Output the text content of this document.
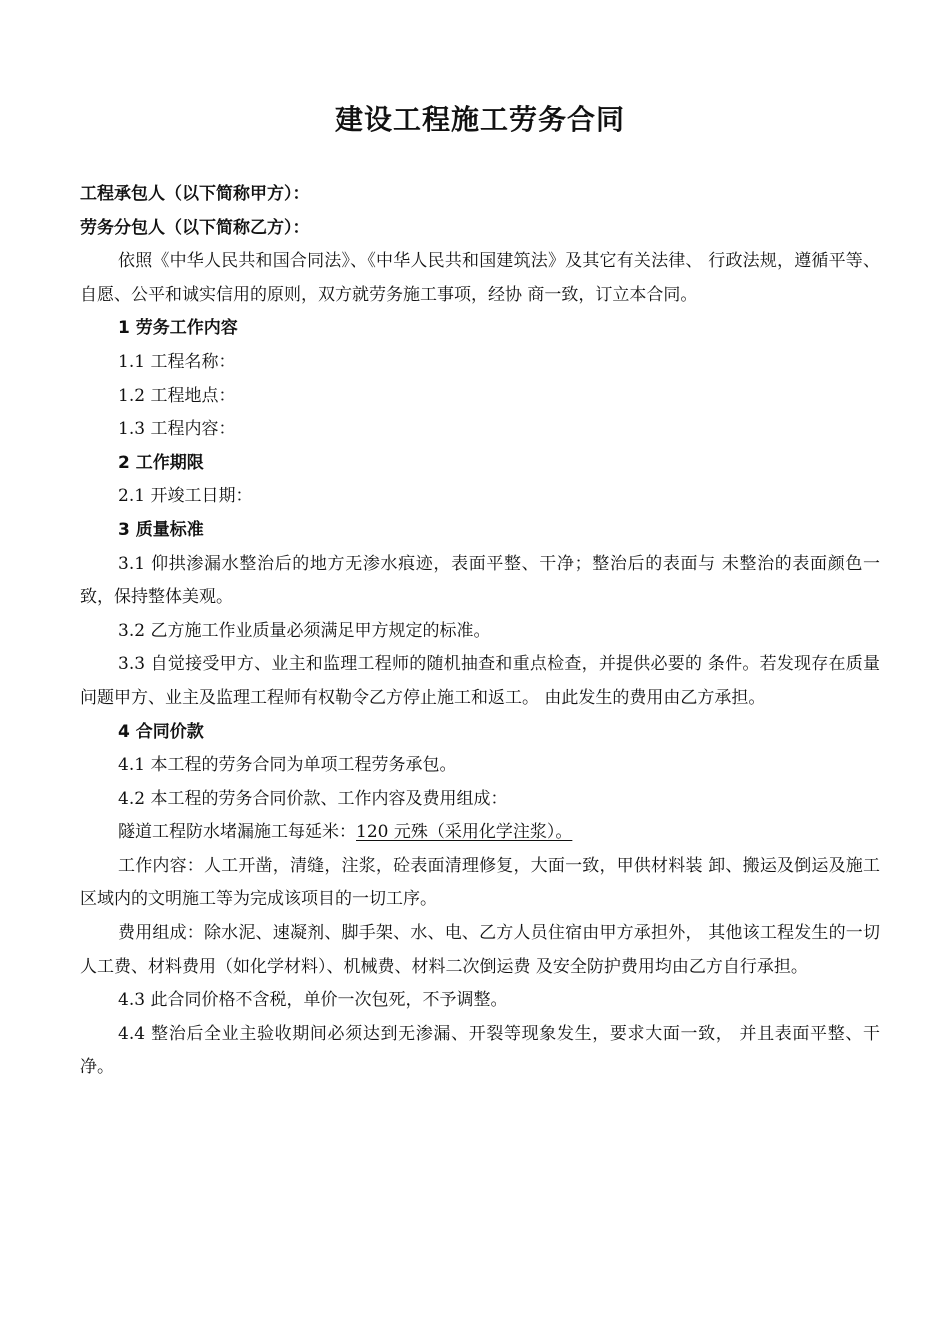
建设工程施工劳务合同

工程承包人（以下简称甲方）：

劳务分包人（以下简称乙方）：

依照《中华人民共和国合同法》、《中华人民共和国建筑法》及其它有关法律、 行政法规，遵循平等、自愿、公平和诚实信用的原则，双方就劳务施工事项，经协 商一致，订立本合同。

1 劳务工作内容

1.1 工程名称：

1.2 工程地点：

1.3 工程内容：

2 工作期限

2.1 开竣工日期：

3 质量标准

3.1 仰拱渗漏水整治后的地方无渗水痕迹，表面平整、干净；整治后的表面与 未整治的表面颜色一致，保持整体美观。

3.2 乙方施工作业质量必须满足甲方规定的标准。

3.3 自觉接受甲方、业主和监理工程师的随机抽查和重点检查，并提供必要的 条件。若发现存在质量问题甲方、业主及监理工程师有权勒令乙方停止施工和返工。 由此发生的费用由乙方承担。

4 合同价款

4.1 本工程的劳务合同为单项工程劳务承包。

4.2 本工程的劳务合同价款、工作内容及费用组成：

隧道工程防水堵漏施工每延米：120 元殊（采用化学注浆）。

工作内容：人工开凿，清缝，注浆，砼表面清理修复，大面一致，甲供材料装 卸、搬运及倒运及施工区域内的文明施工等为完成该项目的一切工序。

费用组成：除水泥、速凝剂、脚手架、水、电、乙方人员住宿由甲方承担外， 其他该工程发生的一切人工费、材料费用（如化学材料）、机械费、材料二次倒运费 及安全防护费用均由乙方自行承担。

4.3 此合同价格不含税，单价一次包死，不予调整。

4.4 整治后全业主验收期间必须达到无渗漏、开裂等现象发生，要求大面一致， 并且表面平整、干净。
